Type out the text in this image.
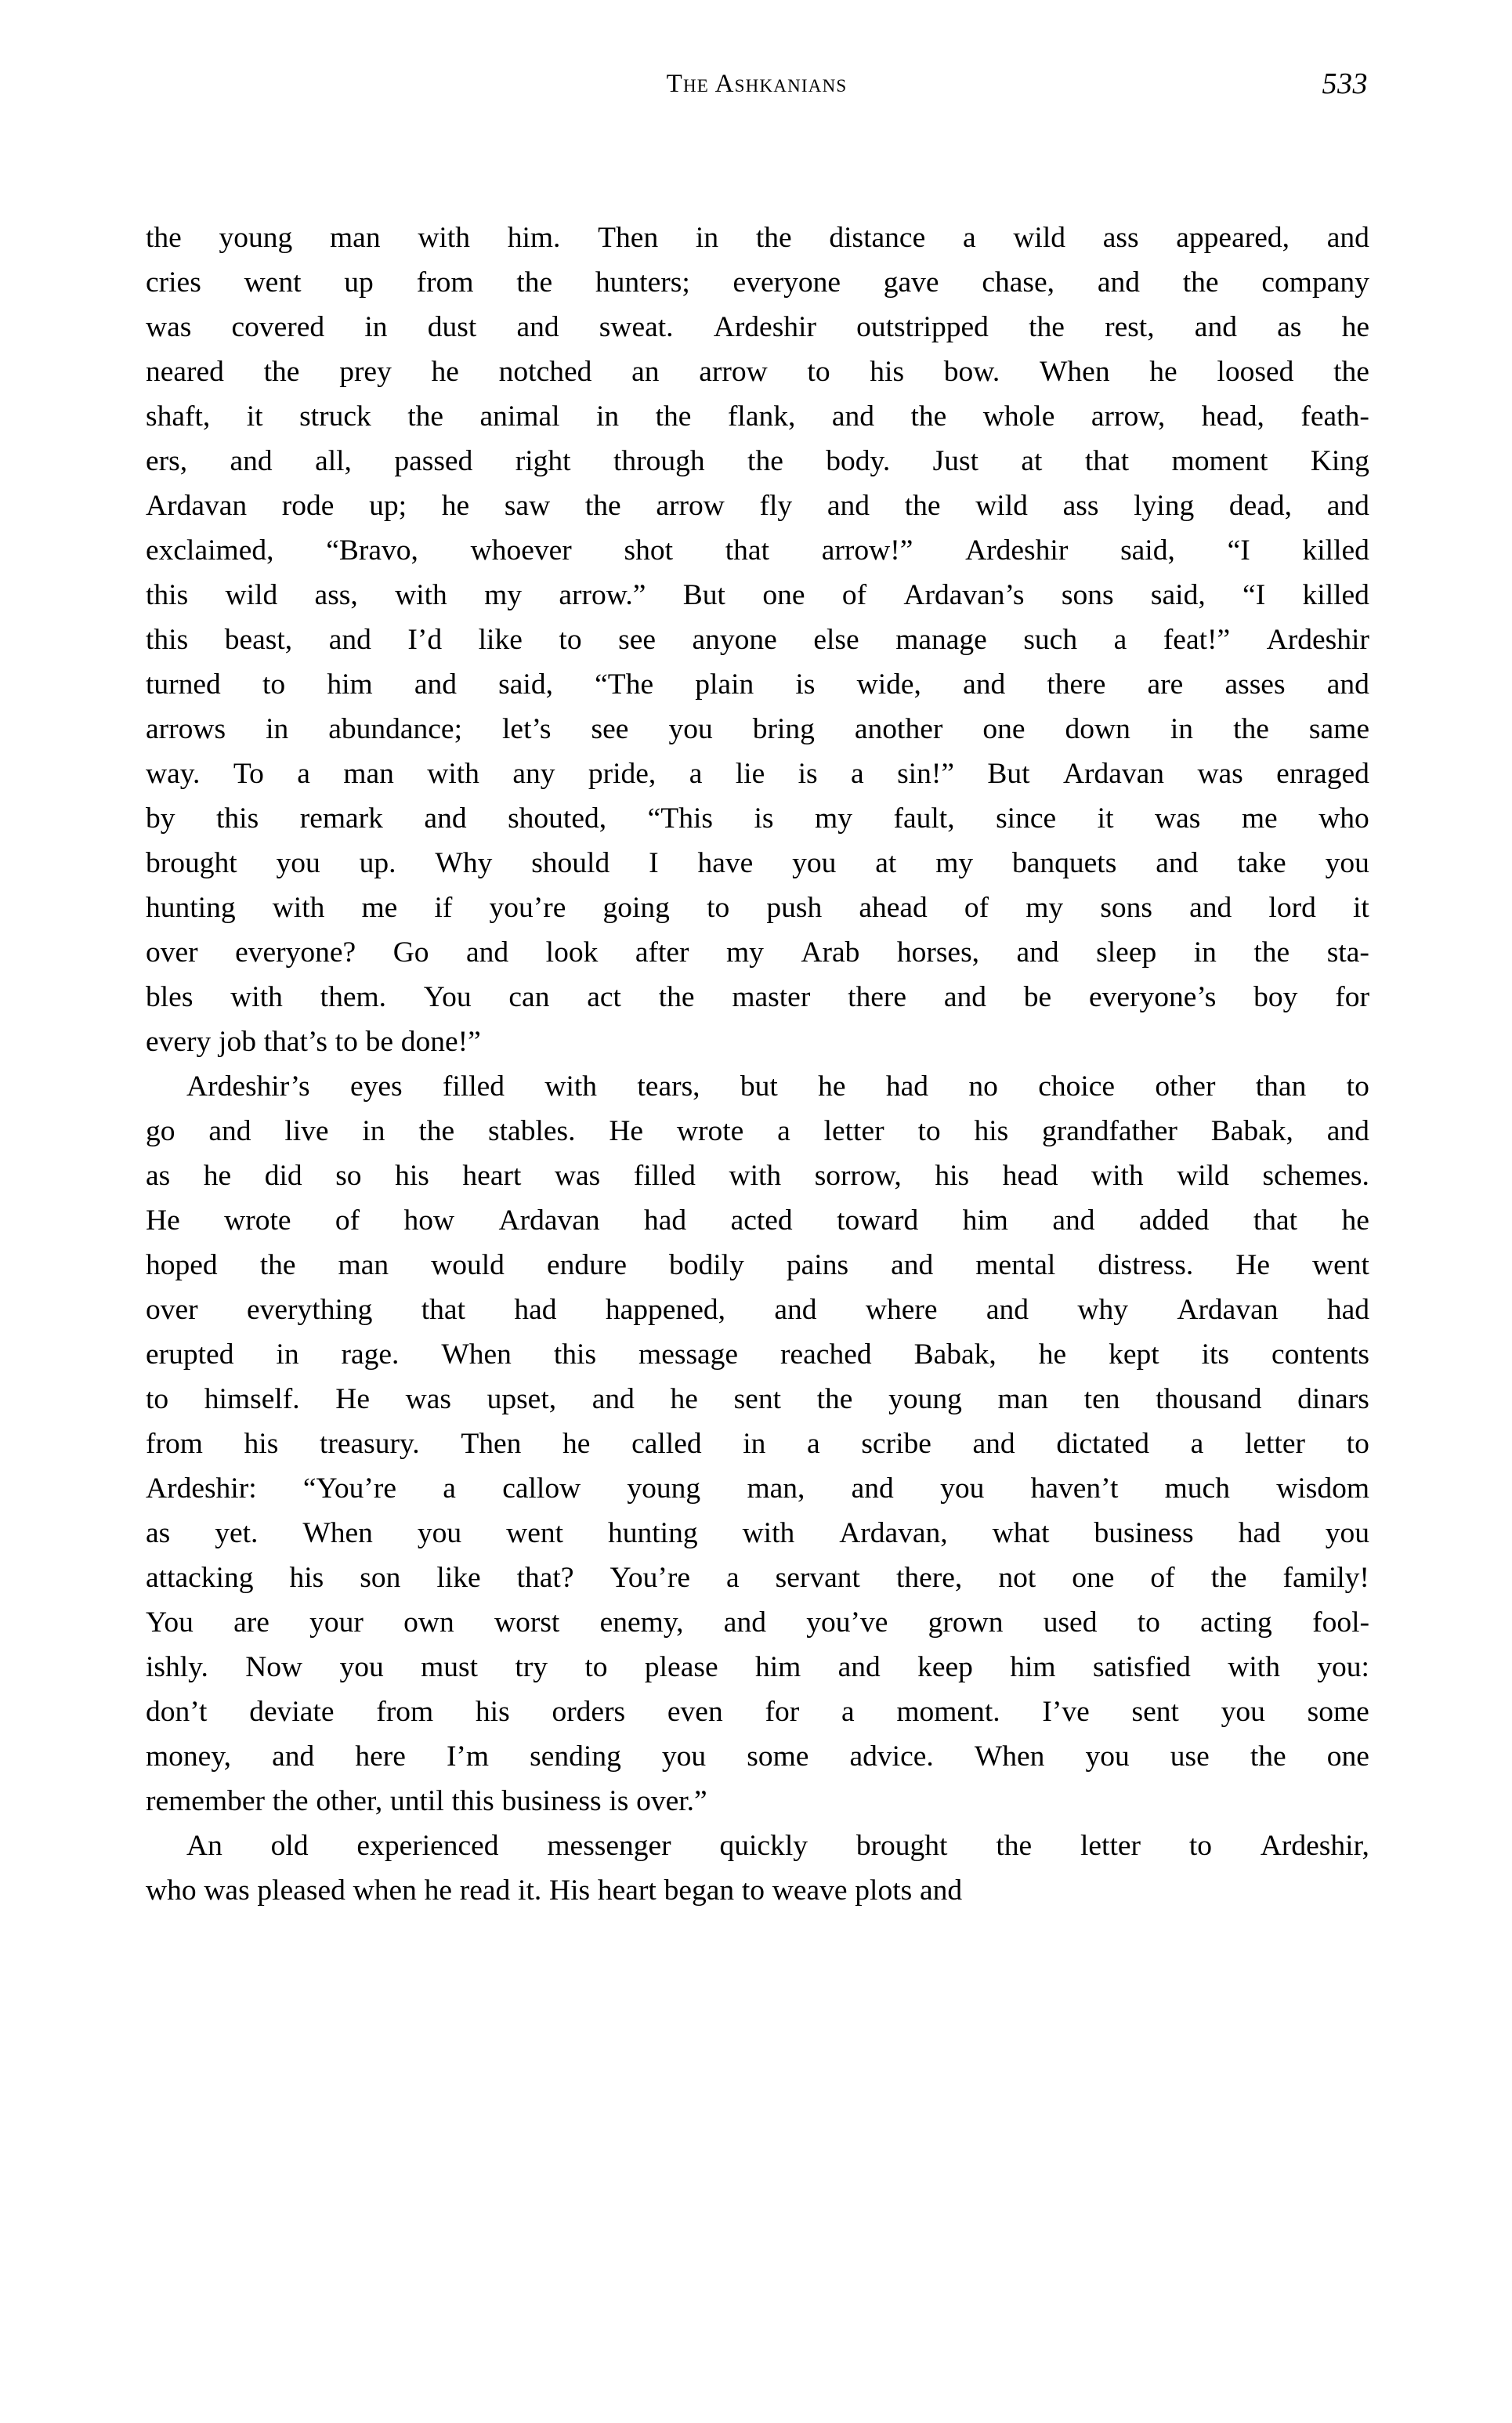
The Ashkanians	533

the young man with him. Then in the distance a wild ass appeared, and
cries went up from the hunters; everyone gave chase, and the company
was covered in dust and sweat. Ardeshir outstripped the rest, and as he
neared the prey he notched an arrow to his bow. When he loosed the
shaft, it struck the animal in the flank, and the whole arrow, head, feath-
ers, and all, passed right through the body. Just at that moment King
Ardavan rode up; he saw the arrow fly and the wild ass lying dead, and
exclaimed, “Bravo, whoever shot that arrow!” Ardeshir said, “I killed
this wild ass, with my arrow.” But one of Ardavan’s sons said, “I killed
this beast, and I’d like to see anyone else manage such a feat!” Ardeshir
turned to him and said, “The plain is wide, and there are asses and
arrows in abundance; let’s see you bring another one down in the same
way. To a man with any pride, a lie is a sin!” But Ardavan was enraged
by this remark and shouted, “This is my fault, since it was me who
brought you up. Why should I have you at my banquets and take you
hunting with me if you’re going to push ahead of my sons and lord it
over everyone? Go and look after my Arab horses, and sleep in the sta-
bles with them. You can act the master there and be everyone’s boy for
every job that’s to be done!”

Ardeshir’s eyes filled with tears, but he had no choice other than to
go and live in the stables. He wrote a letter to his grandfather Babak, and
as he did so his heart was filled with sorrow, his head with wild schemes.
He wrote of how Ardavan had acted toward him and added that he
hoped the man would endure bodily pains and mental distress. He went
over everything that had happened, and where and why Ardavan had
erupted in rage. When this message reached Babak, he kept its contents
to himself. He was upset, and he sent the young man ten thousand dinars
from his treasury. Then he called in a scribe and dictated a letter to
Ardeshir: “You’re a callow young man, and you haven’t much wisdom
as yet. When you went hunting with Ardavan, what business had you
attacking his son like that? You’re a servant there, not one of the family!
You are your own worst enemy, and you’ve grown used to acting fool-
ishly. Now you must try to please him and keep him satisfied with you:
don’t deviate from his orders even for a moment. I’ve sent you some
money, and here I’m sending you some advice. When you use the one
remember the other, until this business is over.”

An old experienced messenger quickly brought the letter to Ardeshir,
who was pleased when he read it. His heart began to weave plots and
